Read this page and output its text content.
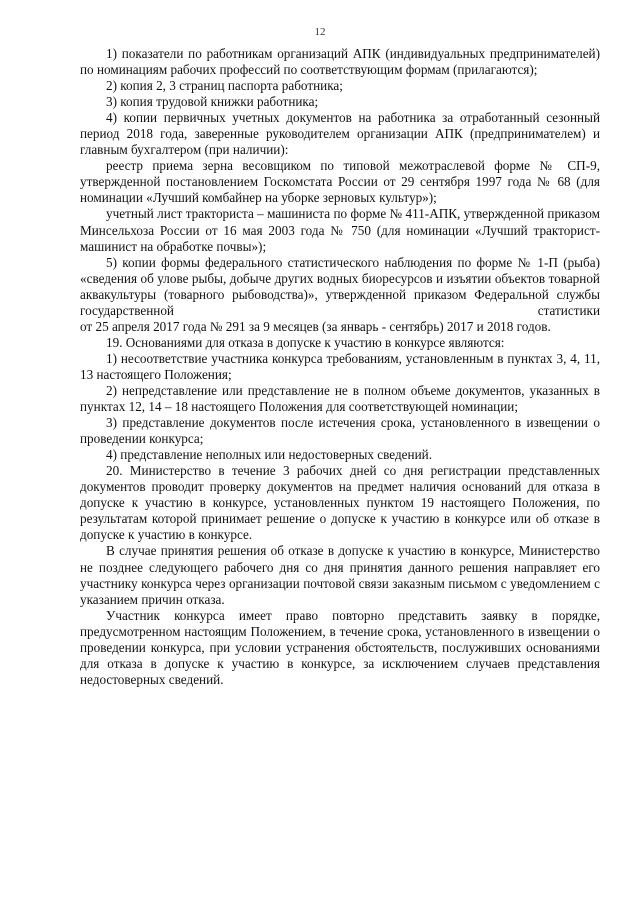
12

1) показатели по работникам организаций АПК (индивидуальных предпринимателей) по номинациям рабочих профессий по соответствующим формам (прилагаются);

2) копия 2, 3 страниц паспорта работника;

3) копия трудовой книжки работника;

4) копии первичных учетных документов на работника за отработанный сезонный период 2018 года, заверенные руководителем организации АПК (предпринимателем) и главным бухгалтером (при наличии):

реестр приема зерна весовщиком по типовой межотраслевой форме № СП-9, утвержденной постановлением Госкомстата России от 29 сентября 1997 года № 68 (для номинации «Лучший комбайнер на уборке зерновых культур»);

учетный лист тракториста – машиниста по форме № 411-АПК, утвержденной приказом Минсельхоза России от 16 мая 2003 года № 750 (для номинации «Лучший тракторист-машинист на обработке почвы»);

5) копии формы федерального статистического наблюдения по форме № 1-П (рыба) «сведения об улове рыбы, добыче других водных биоресурсов и изъятии объектов товарной аквакультуры (товарного рыбоводства)», утвержденной приказом Федеральной службы государственной статистики

от 25 апреля 2017 года № 291 за 9 месяцев (за январь - сентябрь) 2017 и 2018 годов.

19. Основаниями для отказа в допуске к участию в конкурсе являются:

1) несоответствие участника конкурса требованиям, установленным в пунктах 3, 4, 11, 13 настоящего Положения;

2) непредставление или представление не в полном объеме документов, указанных в пунктах 12, 14 – 18 настоящего Положения для соответствующей номинации;

3) представление документов после истечения срока, установленного в извещении о проведении конкурса;

4) представление неполных или недостоверных сведений.

20. Министерство в течение 3 рабочих дней со дня регистрации представленных документов проводит проверку документов на предмет наличия оснований для отказа в допуске к участию в конкурсе, установленных пунктом 19 настоящего Положения, по результатам которой принимает решение о допуске к участию в конкурсе или об отказе в допуске к участию в конкурсе.

В случае принятия решения об отказе в допуске к участию в конкурсе, Министерство не позднее следующего рабочего дня со дня принятия данного решения направляет его участнику конкурса через организации почтовой связи заказным письмом с уведомлением с указанием причин отказа.

Участник конкурса имеет право повторно представить заявку в порядке, предусмотренном настоящим Положением, в течение срока, установленного в извещении о проведении конкурса, при условии устранения обстоятельств, послуживших основаниями для отказа в допуске к участию в конкурсе, за исключением случаев представления недостоверных сведений.
